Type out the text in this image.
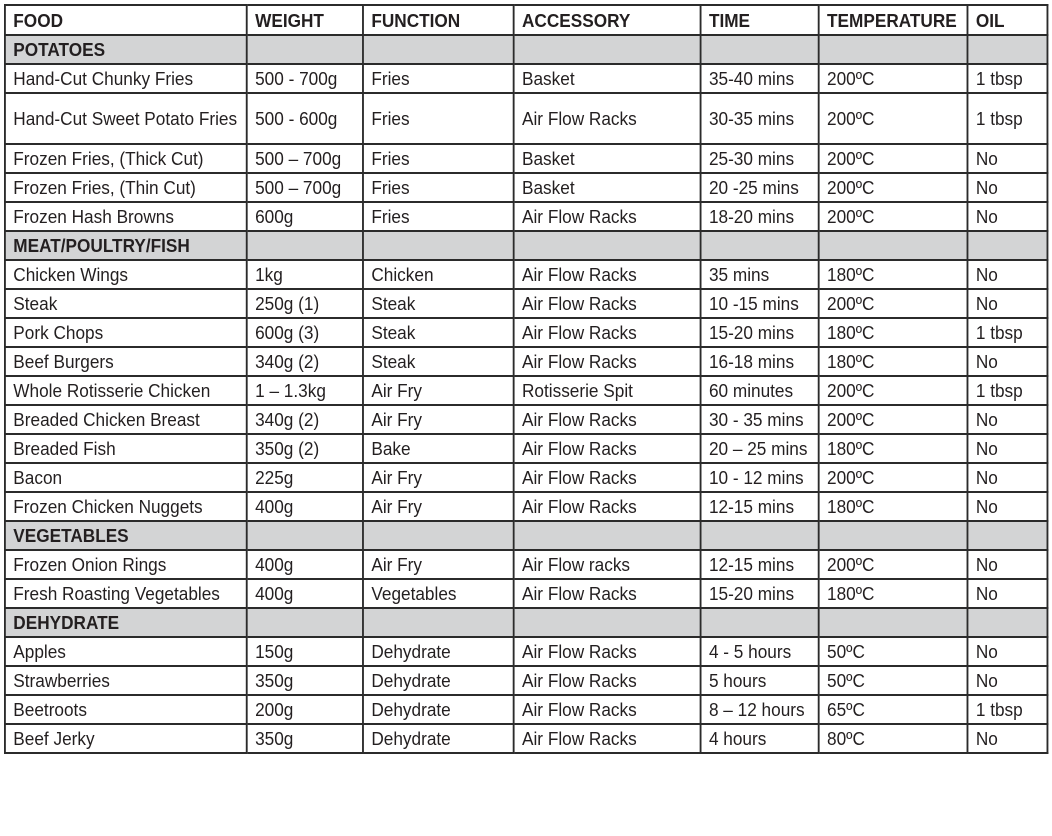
FOOD	WEIGHT	FUNCTION	ACCESSORY	TIME	TEMPERATURE	OIL
POTATOES						
Hand-Cut Chunky Fries	500 - 700g	Fries	Basket	35-40 mins	200ºC	1 tbsp
Hand-Cut Sweet Potato Fries	500 - 600g	Fries	Air Flow Racks	30-35 mins	200ºC	1 tbsp
Frozen Fries, (Thick Cut)	500 – 700g	Fries	Basket	25-30 mins	200ºC	No
Frozen Fries, (Thin Cut)	500 – 700g	Fries	Basket	20 -25 mins	200ºC	No
Frozen Hash Browns	600g	Fries	Air Flow Racks	18-20 mins	200ºC	No
MEAT/POULTRY/FISH						
Chicken Wings	1kg	Chicken	Air Flow Racks	35 mins	180ºC	No
Steak	250g (1)	Steak	Air Flow Racks	10 -15 mins	200ºC	No
Pork Chops	600g (3)	Steak	Air Flow Racks	15-20 mins	180ºC	1 tbsp
Beef Burgers	340g (2)	Steak	Air Flow Racks	16-18 mins	180ºC	No
Whole Rotisserie Chicken	1 – 1.3kg	Air Fry	Rotisserie Spit	60 minutes	200ºC	1 tbsp
Breaded Chicken Breast	340g (2)	Air Fry	Air Flow Racks	30 - 35 mins	200ºC	No
Breaded Fish	350g (2)	Bake	Air Flow Racks	20 – 25 mins	180ºC	No
Bacon	225g	Air Fry	Air Flow Racks	10 - 12 mins	200ºC	No
Frozen Chicken Nuggets	400g	Air Fry	Air Flow Racks	12-15 mins	180ºC	No
VEGETABLES						
Frozen Onion Rings	400g	Air Fry	Air Flow racks	12-15 mins	200ºC	No
Fresh Roasting Vegetables	400g	Vegetables	Air Flow Racks	15-20 mins	180ºC	No
DEHYDRATE						
Apples	150g	Dehydrate	Air Flow Racks	4 - 5 hours	50ºC	No
Strawberries	350g	Dehydrate	Air Flow Racks	5 hours	50ºC	No
Beetroots	200g	Dehydrate	Air Flow Racks	8 – 12 hours	65ºC	1 tbsp
Beef Jerky	350g	Dehydrate	Air Flow Racks	4 hours	80ºC	No
